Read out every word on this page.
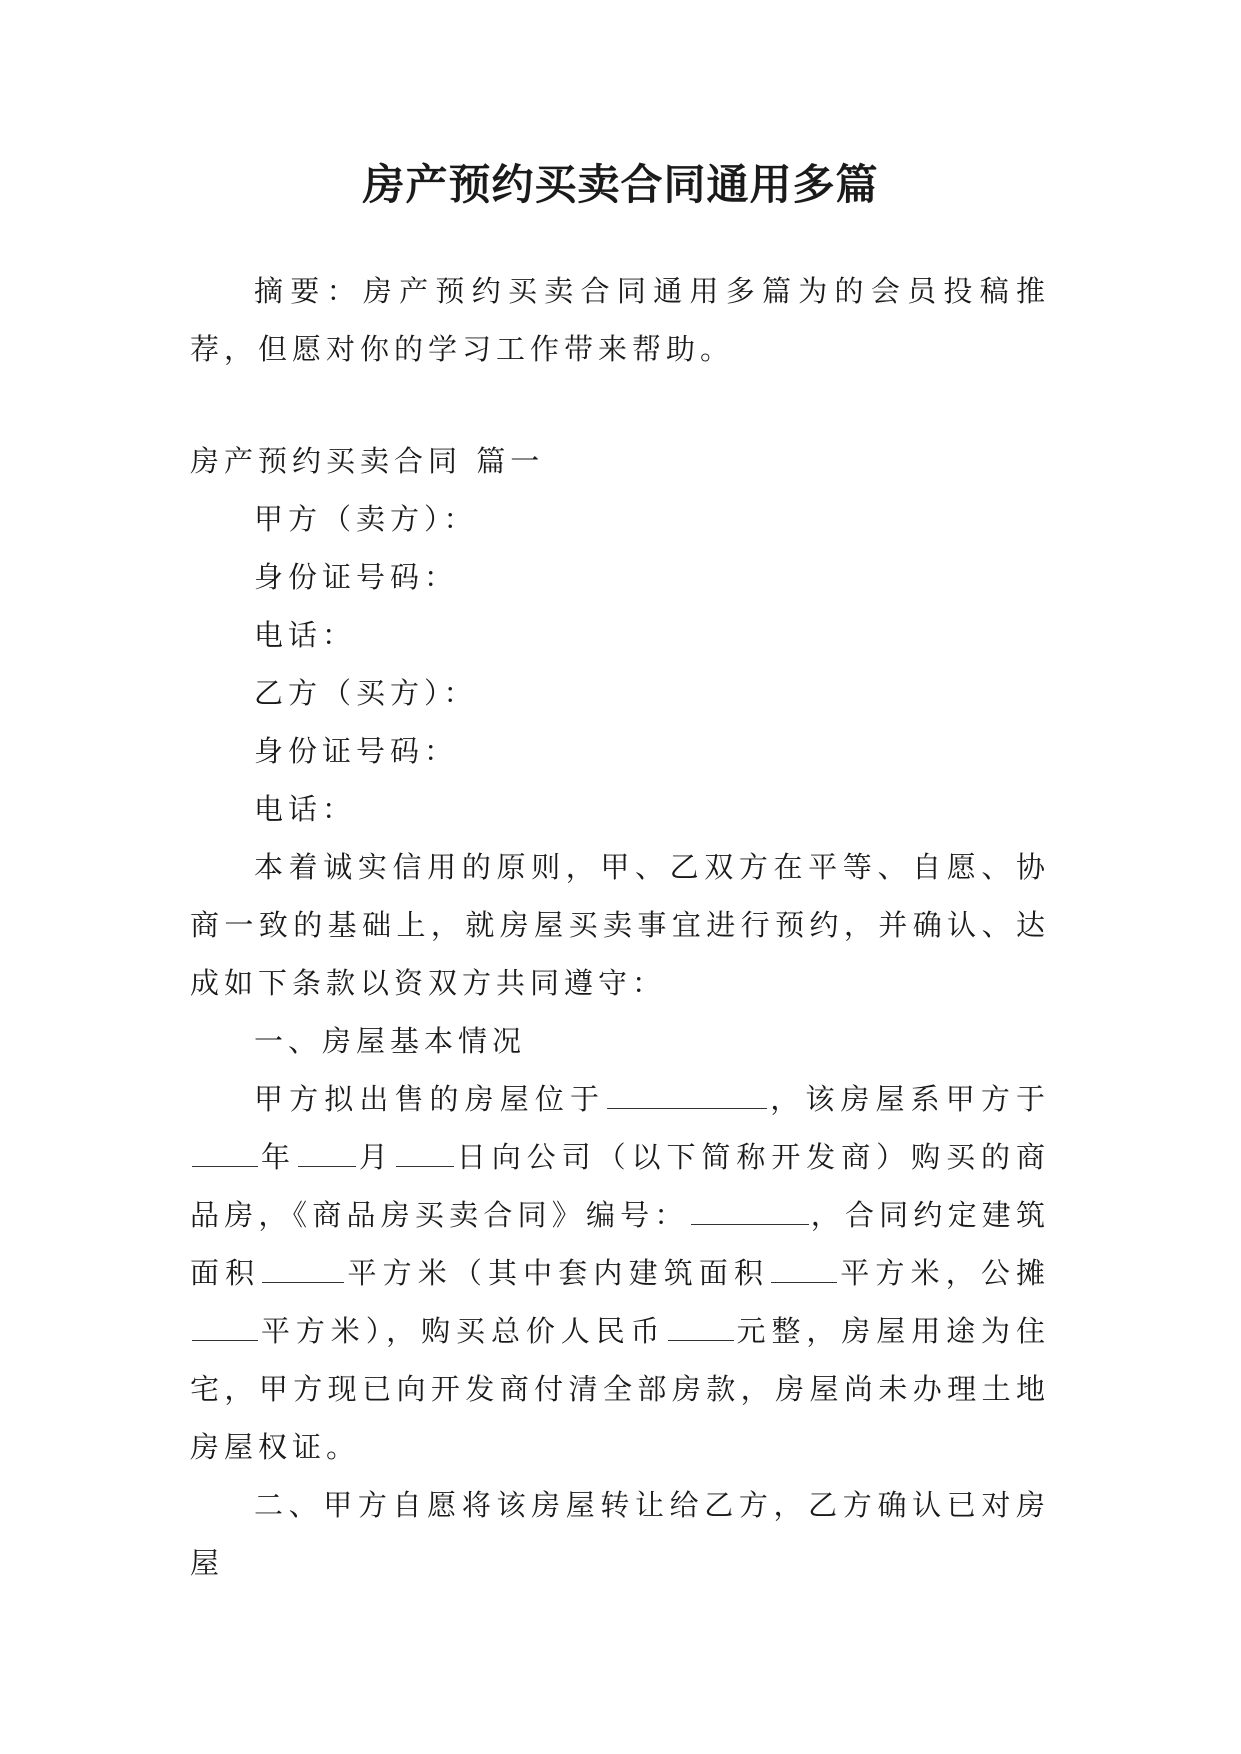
房产预约买卖合同通用多篇

摘要：房产预约买卖合同通用多篇为的会员投稿推荐，但愿对你的学习工作带来帮助。

房产预约买卖合同 篇一

甲方（卖方）：

身份证号码：

电话：

乙方（买方）：

身份证号码：

电话：

本着诚实信用的原则，甲、乙双方在平等、自愿、协商一致的基础上，就房屋买卖事宜进行预约，并确认、达成如下条款以资双方共同遵守：

一、房屋基本情况

甲方拟出售的房屋位于	，该房屋系甲方于年 月 日向公司（以下简称开发商）购买的商品房，《商品房买卖合同》编号：	，合同约定建筑面积	平方米（其中套内建筑面积 平方米，公摊平方米），购买总价人民币 元整，房屋用途为住宅，甲方现已向开发商付清全部房款，房屋尚未办理土地房屋权证。

二、甲方自愿将该房屋转让给乙方，乙方确认已对房屋
